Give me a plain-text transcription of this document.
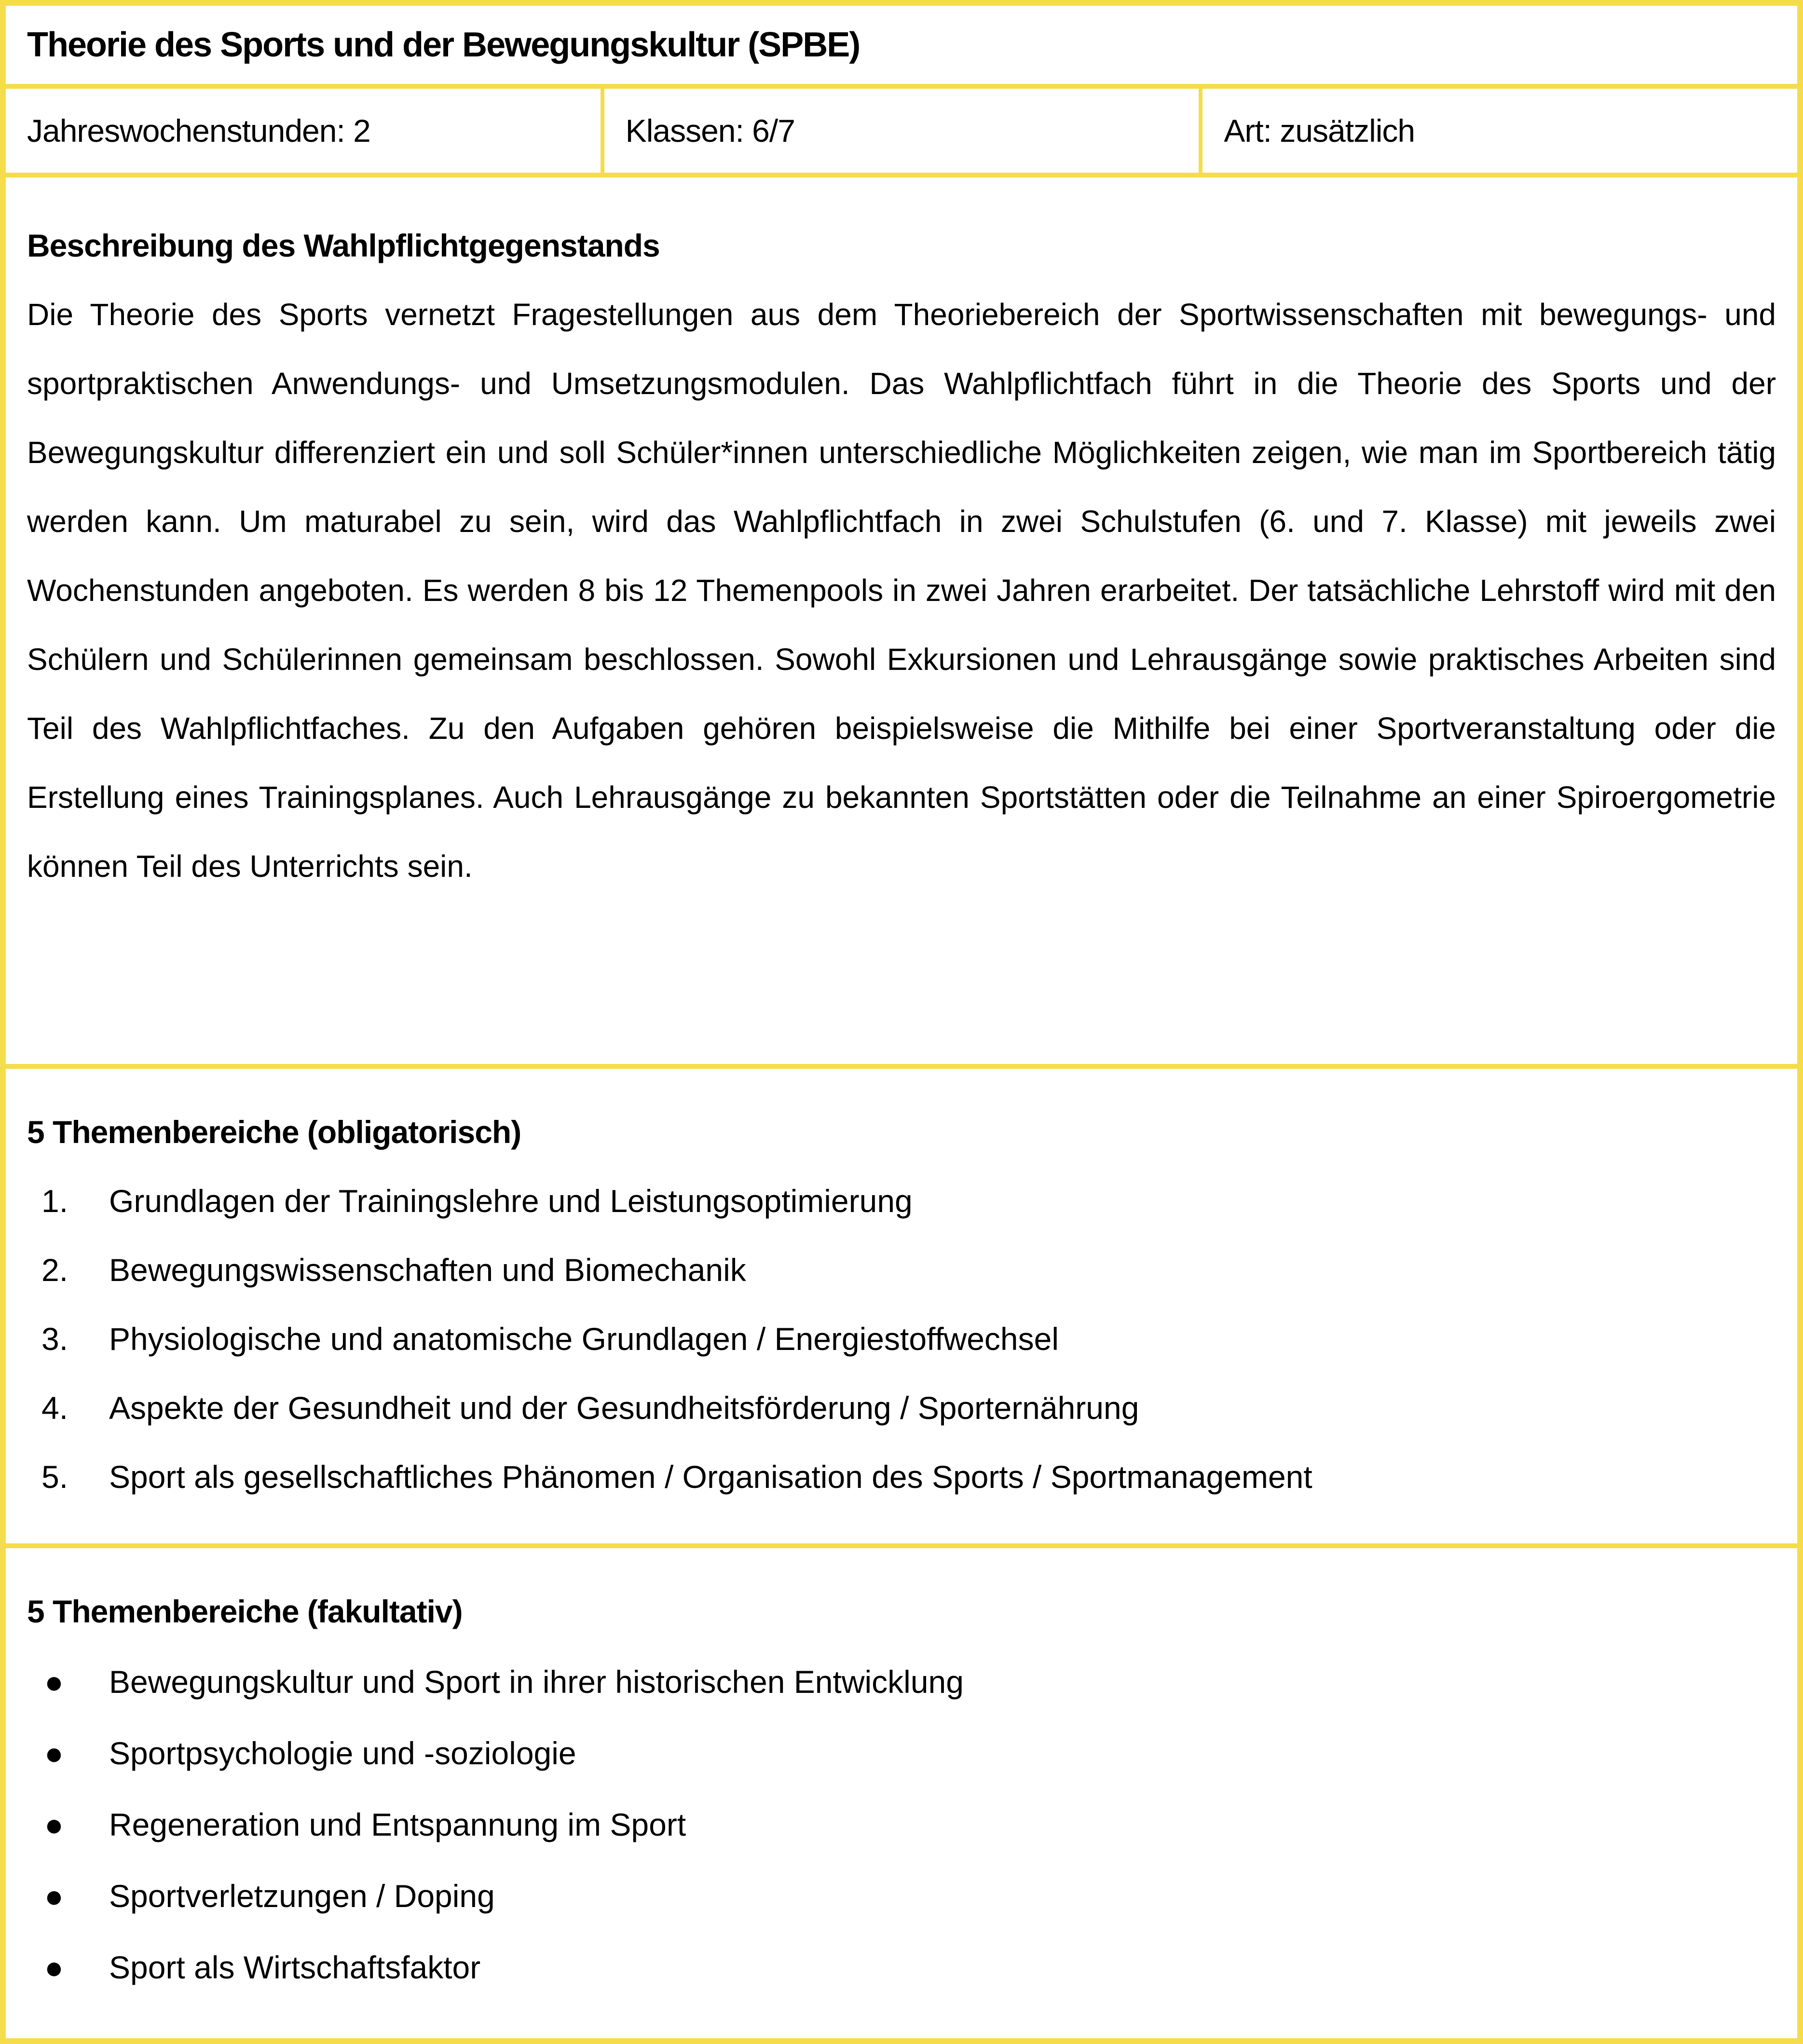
Theorie des Sports und der Bewegungskultur (SPBE)
Jahreswochenstunden: 2	Klassen: 6/7	Art: zusätzlich
Beschreibung des Wahlpflichtgegenstands

Die Theorie des Sports vernetzt Fragestellungen aus dem Theoriebereich der Sportwissenschaften mit bewegungs- und sportpraktischen Anwendungs- und Umsetzungsmodulen. Das Wahlpflichtfach führt in die Theorie des Sports und der Bewegungskultur differenziert ein und soll Schüler*innen unterschiedliche Möglichkeiten zeigen, wie man im Sportbereich tätig werden kann. Um maturabel zu sein, wird das Wahlpflichtfach in zwei Schulstufen (6. und 7. Klasse) mit jeweils zwei Wochenstunden angeboten. Es werden 8 bis 12 Themenpools in zwei Jahren erarbeitet. Der tatsächliche Lehrstoff wird mit den Schülern und Schülerinnen gemeinsam beschlossen. Sowohl Exkursionen und Lehrausgänge sowie praktisches Arbeiten sind Teil des Wahlpflichtfaches. Zu den Aufgaben gehören beispielsweise die Mithilfe bei einer Sportveranstaltung oder die Erstellung eines Trainingsplanes. Auch Lehrausgänge zu bekannten Sportstätten oder die Teilnahme an einer Spiroergometrie können Teil des Unterrichts sein.

5 Themenbereiche (obligatorisch)
1.	Grundlagen der Trainingslehre und Leistungsoptimierung
2.	Bewegungswissenschaften und Biomechanik
3.	Physiologische und anatomische Grundlagen / Energiestoffwechsel
4.	Aspekte der Gesundheit und der Gesundheitsförderung / Sporternährung
5.	Sport als gesellschaftliches Phänomen / Organisation des Sports / Sportmanagement
5 Themenbereiche (fakultativ)
●	Bewegungskultur und Sport in ihrer historischen Entwicklung
●	Sportpsychologie und -soziologie
●	Regeneration und Entspannung im Sport
●	Sportverletzungen / Doping
●	Sport als Wirtschaftsfaktor
